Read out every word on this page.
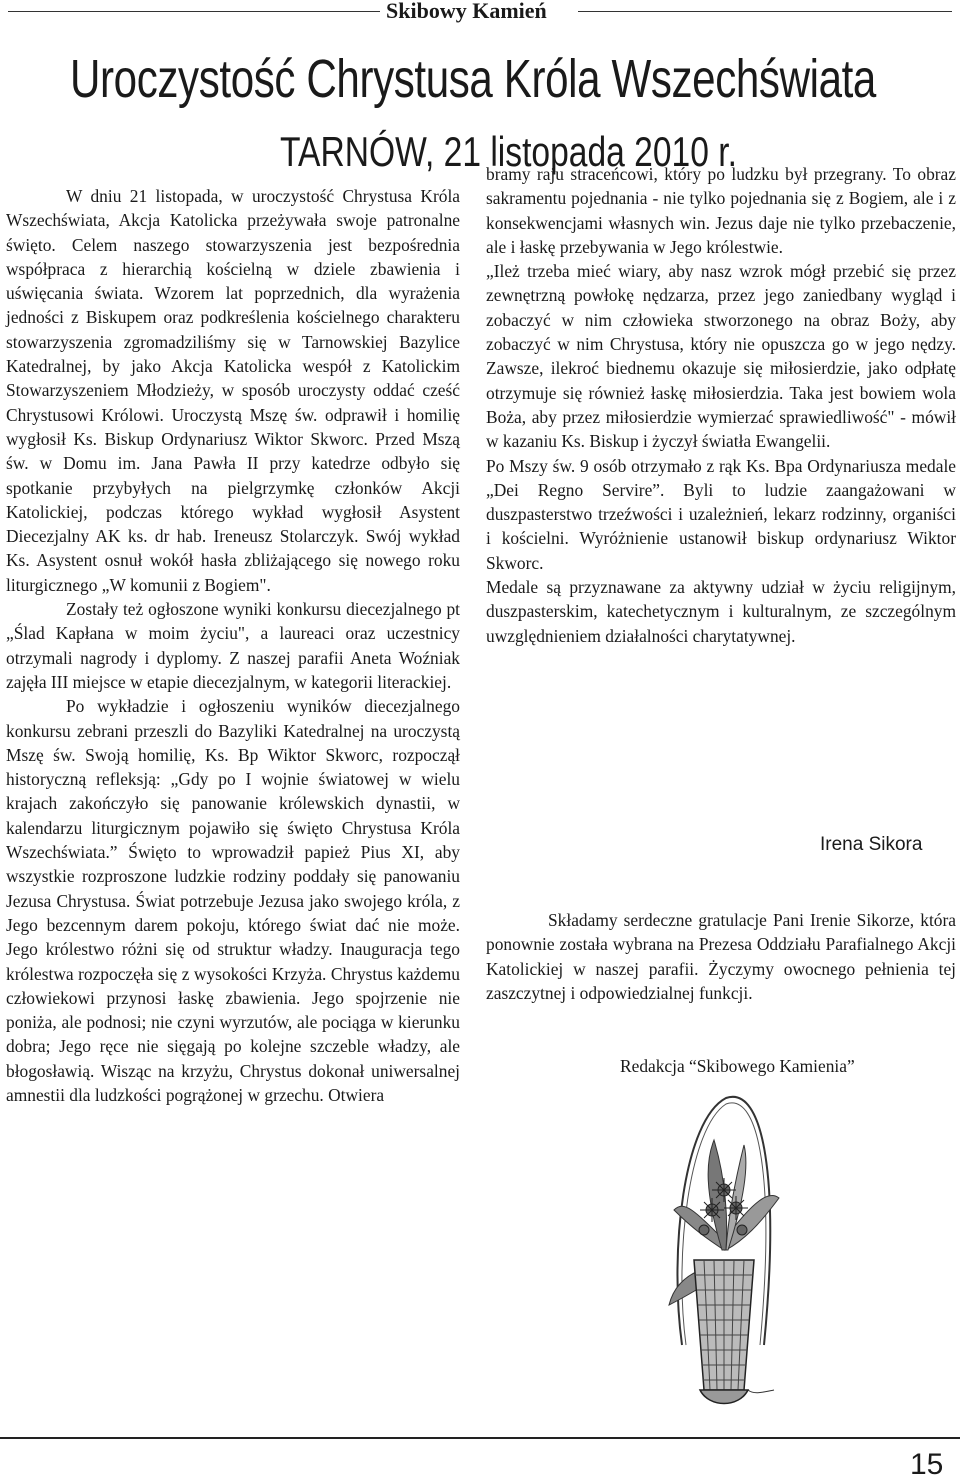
Skibowy Kamień
Uroczystość Chrystusa Króla Wszechświata
TARNÓW, 21 listopada 2010 r.

W dniu 21 listopada, w uroczystość Chrystusa Króla Wszechświata, Akcja Katolicka przeżywała swoje patronalne święto. Celem naszego stowarzyszenia jest bezpośrednia współpraca z hierarchią kościelną w dziele zbawienia i uświęcania świata. Wzorem lat poprzednich, dla wyrażenia jedności z Biskupem oraz podkreślenia kościelnego charakteru stowarzyszenia zgromadziliśmy się w Tarnowskiej Bazylice Katedralnej, by jako Akcja Katolicka wespół z Katolickim Stowarzyszeniem Młodzieży, w sposób uroczysty oddać cześć Chrystusowi Królowi. Uroczystą Mszę św. odprawił i homilię wygłosił Ks. Biskup Ordynariusz Wiktor Skworc. Przed Mszą św. w Domu im. Jana Pawła II przy katedrze odbyło się spotkanie przybyłych na pielgrzymkę członków Akcji Katolickiej, podczas którego wykład wygłosił Asystent Diecezjalny AK ks. dr hab. Ireneusz Stolarczyk. Swój wykład Ks. Asystent osnuł wokół hasła zbliżającego się nowego roku liturgicznego „W komunii z Bogiem".

Zostały też ogłoszone wyniki konkursu diecezjalnego pt „Ślad Kapłana w moim życiu", a laureaci oraz uczestnicy otrzymali nagrody i dyplomy. Z naszej parafii Aneta Woźniak zajęła III miejsce w etapie diecezjalnym, w kategorii literackiej.

Po wykładzie i ogłoszeniu wyników diecezjalnego konkursu zebrani przeszli do Bazyliki Katedralnej na uroczystą Mszę św. Swoją homilię, Ks. Bp Wiktor Skworc, rozpoczął historyczną refleksją: „Gdy po I wojnie światowej w wielu krajach zakończyło się panowanie królewskich dynastii, w kalendarzu liturgicznym pojawiło się święto Chrystusa Króla Wszechświata.” Święto to wprowadził papież Pius XI, aby wszystkie rozproszone ludzkie rodziny poddały się panowaniu Jezusa Chrystusa. Świat potrzebuje Jezusa jako swojego króla, z Jego bezcennym darem pokoju, którego świat dać nie może. Jego królestwo różni się od struktur władzy. Inauguracja tego królestwa rozpoczęła się z wysokości Krzyża. Chrystus każdemu człowiekowi przynosi łaskę zbawienia. Jego spojrzenie nie poniża, ale podnosi; nie czyni wyrzutów, ale pociąga w kierunku dobra; Jego ręce nie sięgają po kolejne szczeble władzy, ale błogosławią. Wisząc na krzyżu, Chrystus dokonał uniwersalnej amnestii dla ludzkości pogrążonej w grzechu. Otwiera

bramy raju straceńcowi, który po ludzku był przegrany. To obraz sakramentu pojednania - nie tylko pojednania się z Bogiem, ale i z konsekwencjami własnych win. Jezus daje nie tylko przebaczenie, ale i łaskę przebywania w Jego królestwie.

„Ileż trzeba mieć wiary, aby nasz wzrok mógł przebić się przez zewnętrzną powłokę nędzarza, przez jego zaniedbany wygląd i zobaczyć w nim człowieka stworzonego na obraz Boży, aby zobaczyć w nim Chrystusa, który nie opuszcza go w jego nędzy. Zawsze, ilekroć biednemu okazuje się miłosierdzie, jako odpłatę otrzymuje się również łaskę miłosierdzia. Taka jest bowiem wola Boża, aby przez miłosierdzie wymierzać sprawiedliwość" - mówił w kazaniu Ks. Biskup i życzył światła Ewangelii.

Po Mszy św. 9 osób otrzymało z rąk Ks. Bpa Ordynariusza medale „Dei Regno Servire”. Byli to ludzie zaangażowani w duszpasterstwo trzeźwości i uzależnień, lekarz rodzinny, organiści i kościelni. Wyróżnienie ustanowił biskup ordynariusz Wiktor Skworc.

Medale są przyznawane za aktywny udział w życiu religijnym, duszpasterskim, katechetycznym i kulturalnym, ze szczególnym uwzględnieniem działalności charytatywnej.

Irena Sikora

Składamy serdeczne gratulacje Pani Irenie Sikorze, która ponownie została wybrana na Prezesa Oddziału Parafialnego Akcji Katolickiej w naszej parafii. Życzymy owocnego pełnienia tej zaszczytnej i odpowiedzialnej funkcji.

Redakcja “Skibowego Kamienia”
15
